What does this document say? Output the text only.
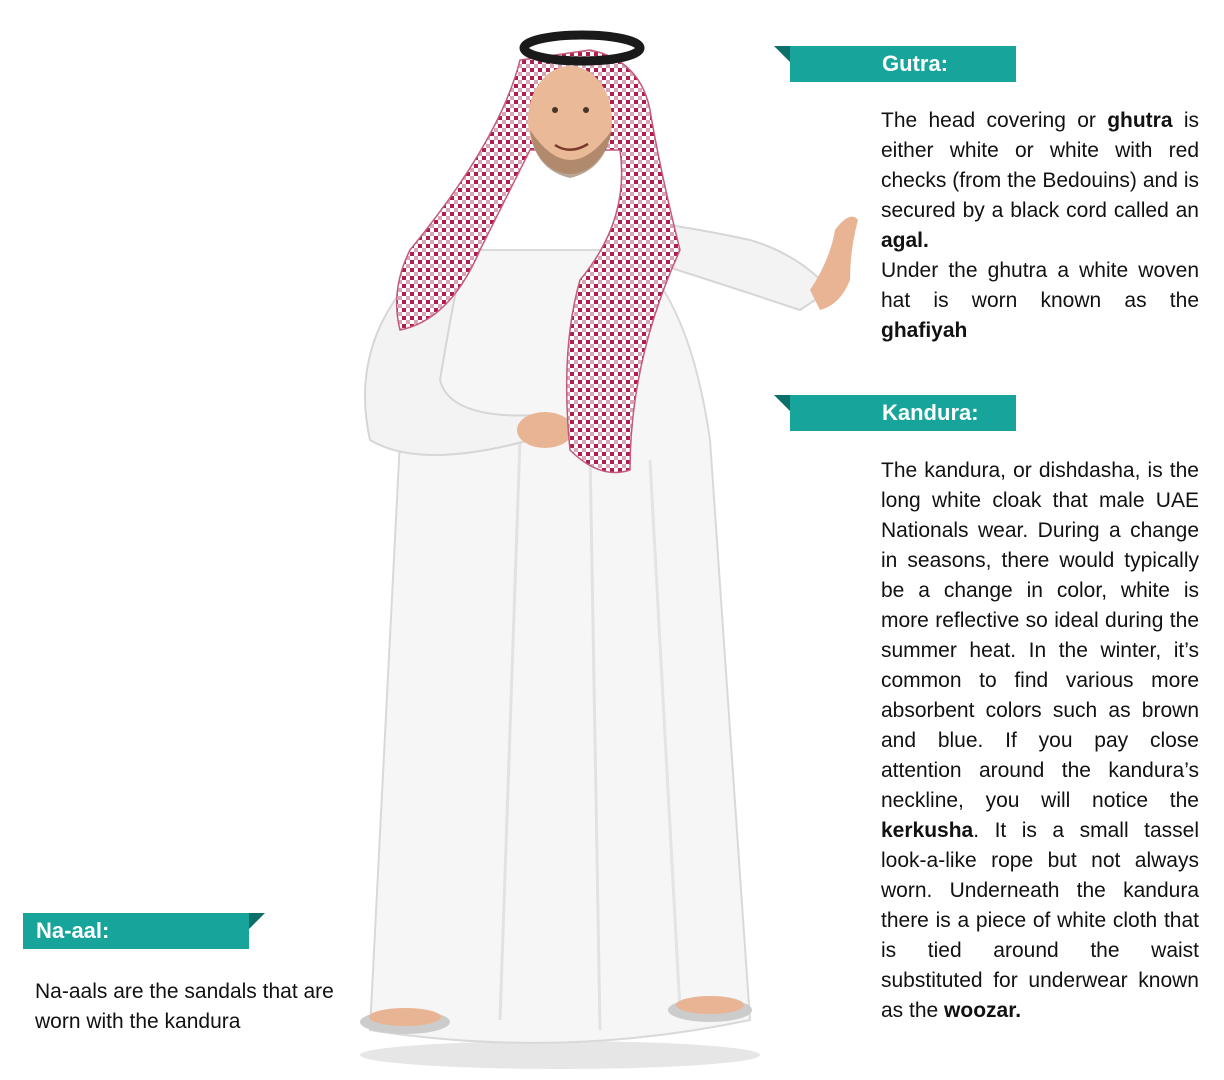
Gutra:
The head covering or ghutra is either white or white with red checks (from the Bedouins) and is secured by a black cord called an agal.
Under the ghutra a white woven hat is worn known as the ghafiyah
Kandura:
The kandura, or dishdasha, is the long white cloak that male UAE Nationals wear. During a change in seasons, there would typically be a change in color, white is more reflective so ideal during the summer heat. In the winter, it’s common to find various more absorbent colors such as brown and blue. If you pay close attention around the kandura’s neckline, you will notice the kerkusha. It is a small tassel look-a-like rope but not always worn. Underneath the kandura there is a piece of white cloth that is tied around the waist substituted for underwear known as the woozar.
Na-aal:

Na-aals are the sandals that are worn with the kandura
